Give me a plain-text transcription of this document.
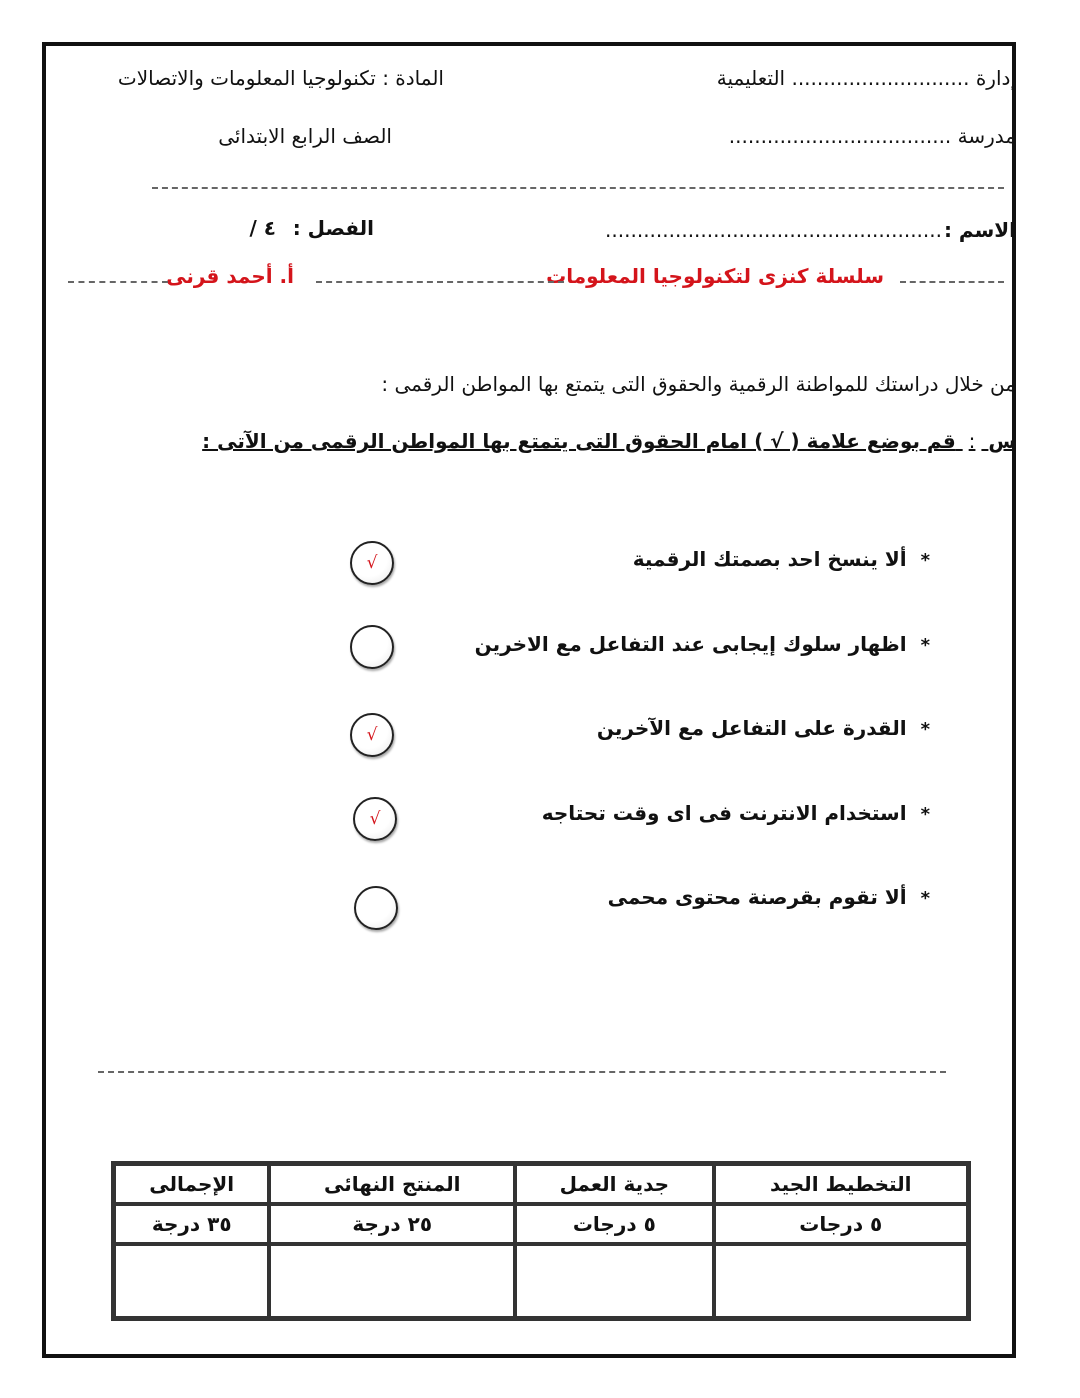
إدارة ............................ التعليمية
المادة : تكنولوجيا المعلومات والاتصالات
مدرسة ...................................
الصف الرابع الابتدائى
الاسم :
.....................................................
الفصل :
٤ /
سلسلة كنزى لتكنولوجيا المعلومات
أ. أحمد قرنى
من خلال دراستك للمواطنة الرقمية والحقوق التى يتمتع بها المواطن الرقمى :
س : قم بوضع علامة ( √ ) امام الحقوق التى يتمتع بها المواطن الرقمى من الآتى :
*ألا ينسخ احد بصمتك الرقمية
√
*اظهار سلوك إيجابى عند التفاعل مع الاخرين
*القدرة على التفاعل مع الآخرين
√
*استخدام الانترنت فى اى وقت تحتاجه
√
*ألا تقوم بقرصنة محتوى محمى
التخطيط الجيد	جدية العمل	المنتج النهائى	الإجمالى
٥ درجات	٥ درجات	٢٥ درجة	٣٥ درجة
